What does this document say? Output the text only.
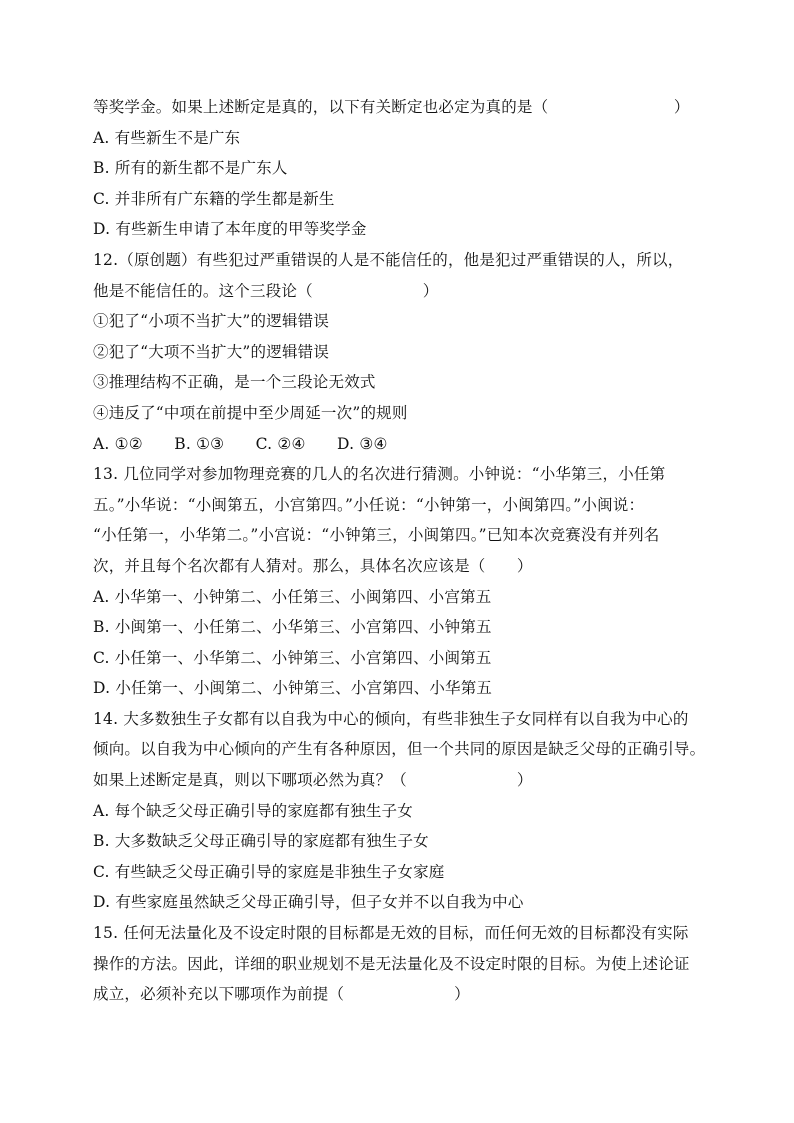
等奖学金。如果上述断定是真的，以下有关断定也必定为真的是（　　　　　　　　）
A. 有些新生不是广东
B. 所有的新生都不是广东人
C. 并非所有广东籍的学生都是新生
D. 有些新生申请了本年度的甲等奖学金
12.（原创题）有些犯过严重错误的人是不能信任的，他是犯过严重错误的人，所以，
他是不能信任的。这个三段论（　　　　　　　）
①犯了“小项不当扩大”的逻辑错误
②犯了“大项不当扩大”的逻辑错误
③推理结构不正确，是一个三段论无效式
④违反了“中项在前提中至少周延一次”的规则
A. ①②　　B. ①③　　C. ②④　　D. ③④
13. 几位同学对参加物理竞赛的几人的名次进行猜测。小钟说：“小华第三，小任第
五。”小华说：“小闽第五，小宫第四。”小任说：“小钟第一，小闽第四。”小闽说：
“小任第一，小华第二。”小宫说：“小钟第三，小闽第四。”已知本次竞赛没有并列名
次，并且每个名次都有人猜对。那么，具体名次应该是（　　）
A. 小华第一、小钟第二、小任第三、小闽第四、小宫第五
B. 小闽第一、小任第二、小华第三、小宫第四、小钟第五
C. 小任第一、小华第二、小钟第三、小宫第四、小闽第五
D. 小任第一、小闽第二、小钟第三、小宫第四、小华第五
14. 大多数独生子女都有以自我为中心的倾向，有些非独生子女同样有以自我为中心的
倾向。以自我为中心倾向的产生有各种原因，但一个共同的原因是缺乏父母的正确引导。
如果上述断定是真，则以下哪项必然为真？（　　　　　　　）
A. 每个缺乏父母正确引导的家庭都有独生子女
B. 大多数缺乏父母正确引导的家庭都有独生子女
C. 有些缺乏父母正确引导的家庭是非独生子女家庭
D. 有些家庭虽然缺乏父母正确引导，但子女并不以自我为中心
15. 任何无法量化及不设定时限的目标都是无效的目标，而任何无效的目标都没有实际
操作的方法。因此，详细的职业规划不是无法量化及不设定时限的目标。为使上述论证
成立，必须补充以下哪项作为前提（　　　　　　　）
